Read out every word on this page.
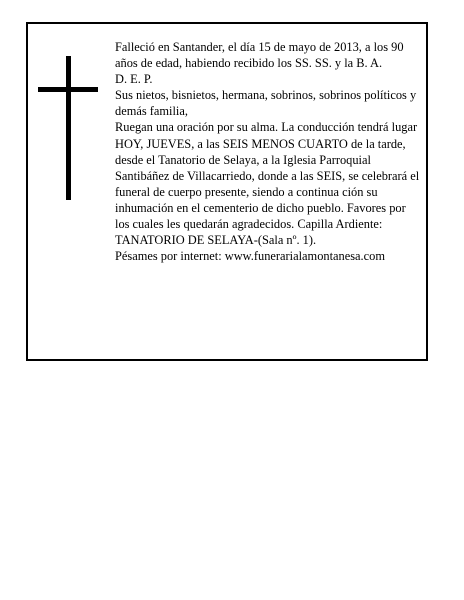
Falleció en Santander, el día 15 de mayo de 2013, a los 90 años de edad, habiendo recibido los SS. SS. y la B. A.

D. E. P.

Sus nietos, bisnietos, hermana, sobrinos, sobrinos políticos y demás familia,

Ruegan una oración por su alma. La conducción tendrá lugar HOY, JUEVES, a las SEIS MENOS CUARTO de la tarde, desde el Tanatorio de Selaya, a la Iglesia Parroquial Santibáñez de Villacarriedo, donde a las SEIS, se celebrará el funeral de cuerpo presente, siendo a continua ción su inhumación en el cementerio de dicho pueblo. Favores por los cuales les quedarán agradecidos. Capilla Ardiente: TANATORIO DE SELAYA-(Sala nº. 1).

Pésames por internet: www.funerarialamontanesa.com
